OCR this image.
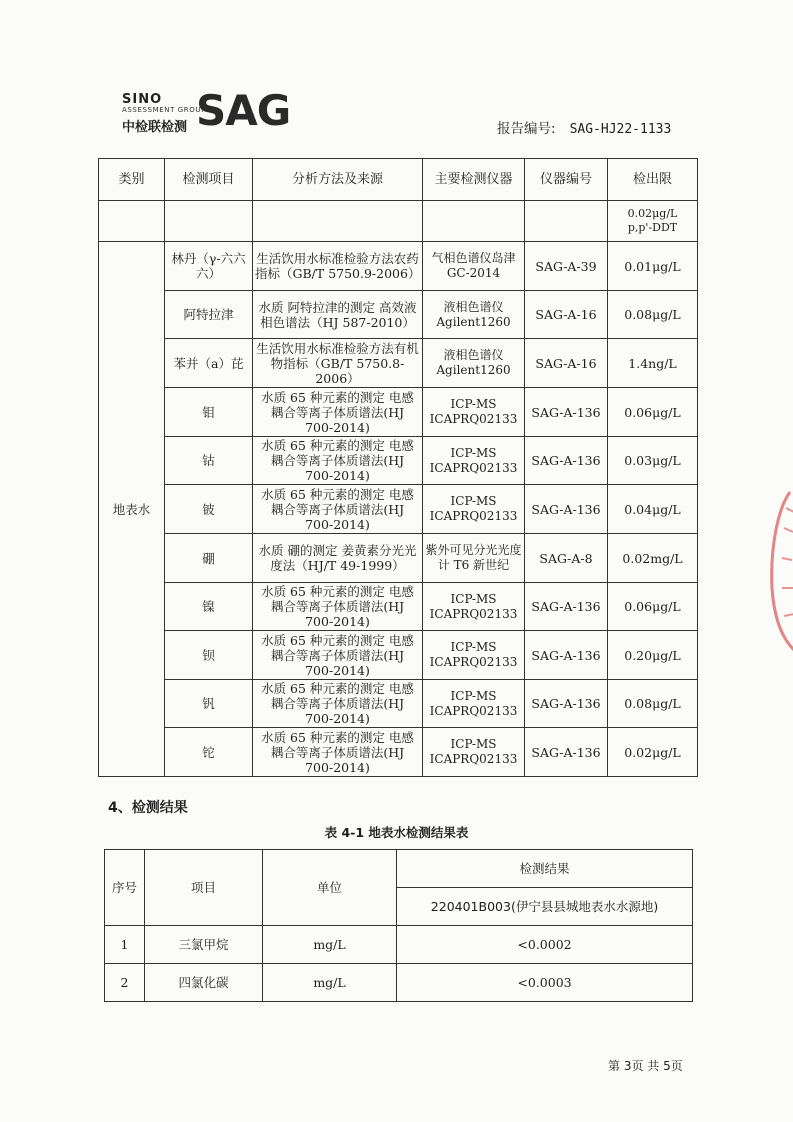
SINO
ASSESSMENT GROUP
中检联检测 SAG	报告编号: SAG-HJ22-1133
类别	检测项目	分析方法及来源	主要检测仪器	仪器编号	检出限
					0.02μg/L
p,p'-DDT
地表水	林丹（γ-六六六）	生活饮用水标准检验方法农药指标（GB/T 5750.9-2006）	气相色谱仪岛津 GC-2014	SAG-A-39	0.01μg/L
	阿特拉津	水质 阿特拉津的测定 高效液相色谱法（HJ 587-2010）	液相色谱仪 Agilent1260	SAG-A-16	0.08μg/L
	苯并（a）芘	生活饮用水标准检验方法有机物指标（GB/T 5750.8-2006）	液相色谱仪 Agilent1260	SAG-A-16	1.4ng/L
	钼	水质 65 种元素的测定 电感耦合等离子体质谱法(HJ 700-2014)	ICP-MS ICAPRQ02133	SAG-A-136	0.06μg/L
	钴	水质 65 种元素的测定 电感耦合等离子体质谱法(HJ 700-2014)	ICP-MS ICAPRQ02133	SAG-A-136	0.03μg/L
	铍	水质 65 种元素的测定 电感耦合等离子体质谱法(HJ 700-2014)	ICP-MS ICAPRQ02133	SAG-A-136	0.04μg/L
	硼	水质 硼的测定 姜黄素分光光度法（HJ/T 49-1999）	紫外可见分光光度计 T6 新世纪	SAG-A-8	0.02mg/L
	镍	水质 65 种元素的测定 电感耦合等离子体质谱法(HJ 700-2014)	ICP-MS ICAPRQ02133	SAG-A-136	0.06μg/L
	钡	水质 65 种元素的测定 电感耦合等离子体质谱法(HJ 700-2014)	ICP-MS ICAPRQ02133	SAG-A-136	0.20μg/L
	钒	水质 65 种元素的测定 电感耦合等离子体质谱法(HJ 700-2014)	ICP-MS ICAPRQ02133	SAG-A-136	0.08μg/L
	铊	水质 65 种元素的测定 电感耦合等离子体质谱法(HJ 700-2014)	ICP-MS ICAPRQ02133	SAG-A-136	0.02μg/L
4、检测结果
表 4-1 地表水检测结果表
序号	项目	单位	检测结果
			220401B003(伊宁县县城地表水水源地)
1	三氯甲烷	mg/L	<0.0002
2	四氯化碳	mg/L	<0.0003
第 3页 共 5页
